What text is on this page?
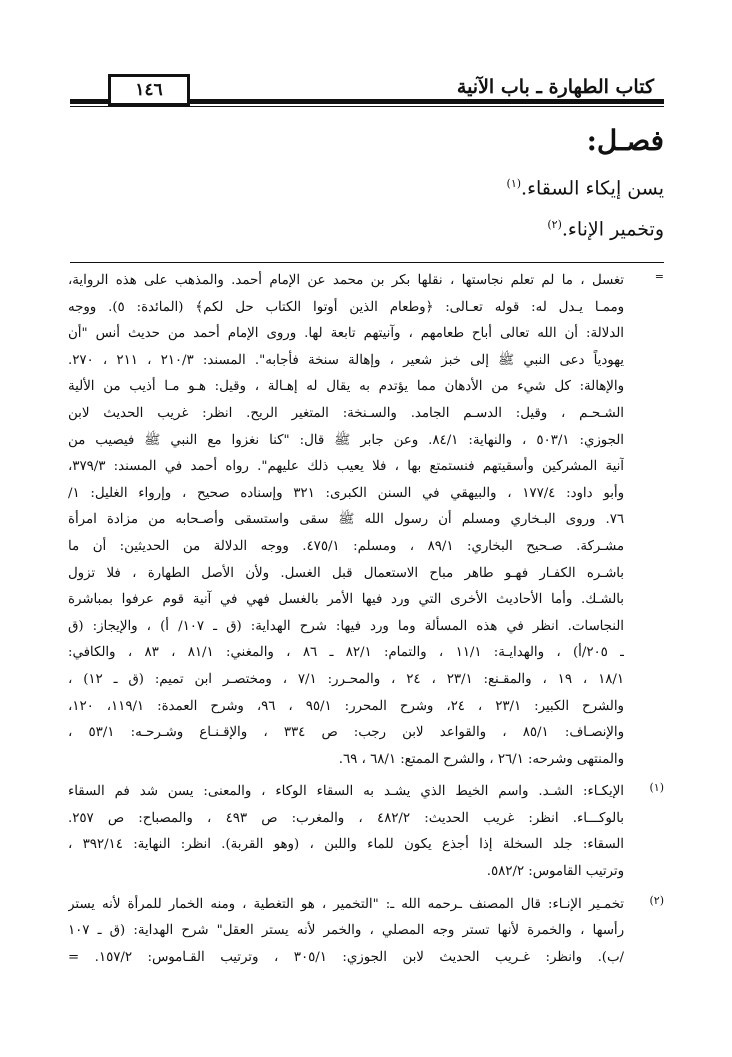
كتاب الطهارة ـ باب الآنية
١٤٦
فصـل:
يسن إيكاء السقاء.$^{(١)}$
وتخمير الإناء.$^{(٢)}$
=
تغسل ، ما لم تعلم نجاستها ، نقلها بكر بن محمد عن الإمام أحمد. والمذهب على هذه الرواية،
وممـا يـدل له: قوله تعـالى: ﴿وطعام الذين أوتوا الكتاب حل لكم﴾ (المائدة: ٥). ووجه
الدلالة: أن الله تعالى أباح طعامهم ، وآنيتهم تابعة لها. وروى الإمام أحمد من حديث أنس "أن
يهودياً دعى النبي ﷺ إلى خبز شعير ، وإهالة سنخة فأجابه". المسند: ٢١٠/٣ ، ٢١١ ، ٢٧٠.
والإهالة: كل شيء من الأدهان مما يؤتدم به يقال له إهـالة ، وقيل: هـو مـا أذيب من الألية
الشـحـم ، وقيل: الدسـم الجامد. والسـنخة: المتغير الريح. انظر: غريب الحديث لابن
الجوزي: ٥٠٣/١ ، والنهاية: ٨٤/١. وعن جابر ﷺ قال: "كنا نغزوا مع النبي ﷺ فيصيب من
آنية المشركين وأسقيتهم فنستمتع بها ، فلا يعيب ذلك عليهم". رواه أحمد في المسند: ٣٧٩/٣،
وأبو داود: ١٧٧/٤ ، والبيهقي في السنن الكبرى: ٣٢١ وإسناده صحيح ، وإرواء الغليل: ١/
٧٦. وروى البـخاري ومسلم أن رسول الله ﷺ سقى واستسقى وأصـحابه من مزادة امرأة
مشـركة. صـحيح البخاري: ٨٩/١ ، ومسلم: ٤٧٥/١. ووجه الدلالة من الحديثين: أن ما
باشـره الكفـار فهـو طاهر مباح الاستعمال قبل الغسل. ولأن الأصل الطهارة ، فلا تزول
بالشـك. وأما الأحاديث الأخرى التي ورد فيها الأمر بالغسل فهي في آنية قوم عرفوا بمباشرة
النجاسات. انظر في هذه المسألة وما ورد فيها: شرح الهداية: (ق ـ ١٠٧/ أ) ، والإيجاز: (ق
ـ ٢٠٥/أ) ، والهدايـة: ١١/١ ، والتمام: ٨٢/١ ـ ٨٦ ، والمغني: ٨١/١ ، ٨٣ ، والكافي:
١٨/١ ، ١٩ ، والمقـنع: ٢٣/١ ، ٢٤ ، والمحـرر: ٧/١ ، ومختصـر ابن تميم: (ق ـ ١٢) ،
والشرح الكبير: ٢٣/١ ، ٢٤، وشرح المحرر: ٩٥/١ ، ٩٦، وشرح العمدة: ١١٩/١، ١٢٠،
والإنصـاف: ٨٥/١ ، والقواعد لابن رجب: ص ٣٣٤ ، والإقـنـاع وشـرحـه: ٥٣/١ ،
والمنتهى وشرحه: ٢٦/١ ، والشرح الممتع: ٦٨/١ ، ٦٩.
(١)
الإيكـاء: الشـد. واسم الخيط الذي يشـد به السقاء الوكاء ، والمعنى: يسن شد فم السقاء
بالوكـــاء. انظر: غريب الحديث: ٤٨٢/٢ ، والمغرب: ص ٤٩٣ ، والمصباح: ص ٢٥٧.
السقاء: جلد السخلة إذا أجذع يكون للماء واللبن ، (وهو القربة). انظر: النهاية: ٣٩٢/١٤ ،
وترتيب القاموس: ٥٨٢/٢.
(٢)
تخمـير الإنـاء: قال المصنف ـرحمه الله ـ: "التخمير ، هو التغطية ، ومنه الخمار للمرأة لأنه يستر
رأسها ، والخمرة لأنها تستر وجه المصلي ، والخمر لأنه يستر العقل" شرح الهداية: (ق ـ ١٠٧
/ب). وانظر: غـريب الحديث لابن الجوزي: ٣٠٥/١ ، وترتيب القـاموس: ١٥٧/٢. =
